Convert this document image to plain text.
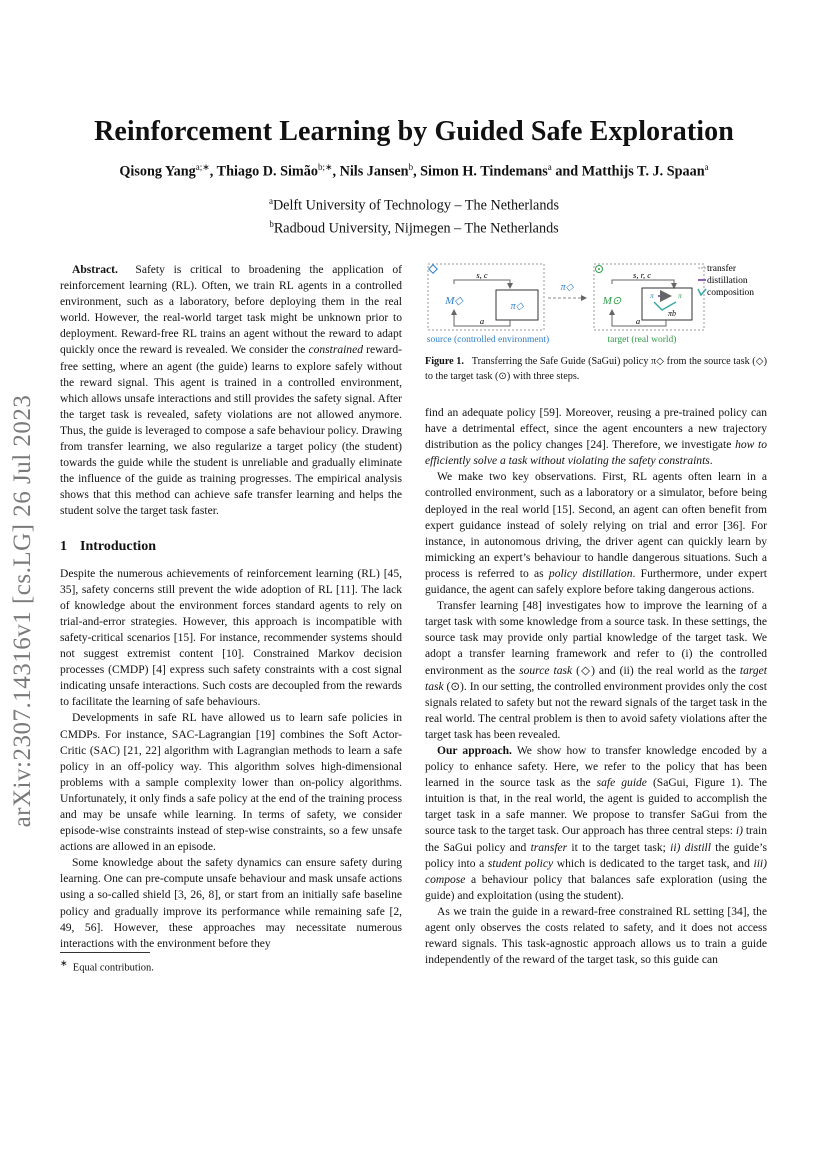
Reinforcement Learning by Guided Safe Exploration
Qisong Yang$^{a;∗}$, Thiago D. Simão$^{b;∗}$, Nils Jansen$^b$, Simon H. Tindemans$^a$ and Matthijs T. J. Spaan$^a$
$^a$Delft University of Technology – The Netherlands
$^b$Radboud University, Nijmegen – The Netherlands
arXiv:2307.14316v1 [cs.LG] 26 Jul 2023

Abstract. Safety is critical to broadening the application of reinforcement learning (RL). Often, we train RL agents in a controlled environment, such as a laboratory, before deploying them in the real world. However, the real-world target task might be unknown prior to deployment. Reward-free RL trains an agent without the reward to adapt quickly once the reward is revealed. We consider the constrained reward-free setting, where an agent (the guide) learns to explore safely without the reward signal. This agent is trained in a controlled environment, which allows unsafe interactions and still provides the safety signal. After the target task is revealed, safety violations are not allowed anymore. Thus, the guide is leveraged to compose a safe behaviour policy. Drawing from transfer learning, we also regularize a target policy (the student) towards the guide while the student is unreliable and gradually eliminate the influence of the guide as training progresses. The empirical analysis shows that this method can achieve safe transfer learning and helps the student solve the target task faster.

1 Introduction

Despite the numerous achievements of reinforcement learning (RL) [45, 35], safety concerns still prevent the wide adoption of RL [11]. The lack of knowledge about the environment forces standard agents to rely on trial-and-error strategies. However, this approach is incompatible with safety-critical scenarios [15]. For instance, recommender systems should not suggest extremist content [10]. Constrained Markov decision processes (CMDP) [4] express such safety constraints with a cost signal indicating unsafe interactions. Such costs are decoupled from the rewards to facilitate the learning of safe behaviours.

Developments in safe RL have allowed us to learn safe policies in CMDPs. For instance, SAC-Lagrangian [19] combines the Soft Actor-Critic (SAC) [21, 22] algorithm with Lagrangian methods to learn a safe policy in an off-policy way. This algorithm solves high-dimensional problems with a sample complexity lower than on-policy algorithms. Unfortunately, it only finds a safe policy at the end of the training process and may be unsafe while learning. In terms of safety, we consider episode-wise constraints instead of step-wise constraints, so a few unsafe actions are allowed in an episode.

Some knowledge about the safety dynamics can ensure safety during learning. One can pre-compute unsafe behaviour and mask unsafe actions using a so-called shield [3, 26, 8], or start from an initially safe baseline policy and gradually improve its performance while remaining safe [2, 49, 56]. However, these approaches may necessitate numerous interactions with the environment before they

∗ Equal contribution.
s, c
M◇	π◇
a
source (controlled environment)
π◇
s, r, c
M⊙	π	π
πb
a
target (real world)
transfer
distillation
composition
Figure 1. Transferring the Safe Guide (SaGui) policy π◇ from the source task (◇) to the target task (⊙) with three steps.

find an adequate policy [59]. Moreover, reusing a pre-trained policy can have a detrimental effect, since the agent encounters a new trajectory distribution as the policy changes [24]. Therefore, we investigate how to efficiently solve a task without violating the safety constraints.

We make two key observations. First, RL agents often learn in a controlled environment, such as a laboratory or a simulator, before being deployed in the real world [15]. Second, an agent can often benefit from expert guidance instead of solely relying on trial and error [36]. For instance, in autonomous driving, the driver agent can quickly learn by mimicking an expert’s behaviour to handle dangerous situations. Such a process is referred to as policy distillation. Furthermore, under expert guidance, the agent can safely explore before taking dangerous actions.

Transfer learning [48] investigates how to improve the learning of a target task with some knowledge from a source task. In these settings, the source task may provide only partial knowledge of the target task. We adopt a transfer learning framework and refer to (i) the controlled environment as the source task (◇) and (ii) the real world as the target task (⊙). In our setting, the controlled environment provides only the cost signals related to safety but not the reward signals of the target task in the real world. The central problem is then to avoid safety violations after the target task has been revealed.

Our approach. We show how to transfer knowledge encoded by a policy to enhance safety. Here, we refer to the policy that has been learned in the source task as the safe guide (SaGui, Figure 1). The intuition is that, in the real world, the agent is guided to accomplish the target task in a safe manner. We propose to transfer SaGui from the source task to the target task. Our approach has three central steps: i) train the SaGui policy and transfer it to the target task; ii) distill the guide’s policy into a student policy which is dedicated to the target task, and iii) compose a behaviour policy that balances safe exploration (using the guide) and exploitation (using the student).

As we train the guide in a reward-free constrained RL setting [34], the agent only observes the costs related to safety, and it does not access reward signals. This task-agnostic approach allows us to train a guide independently of the reward of the target task, so this guide can
